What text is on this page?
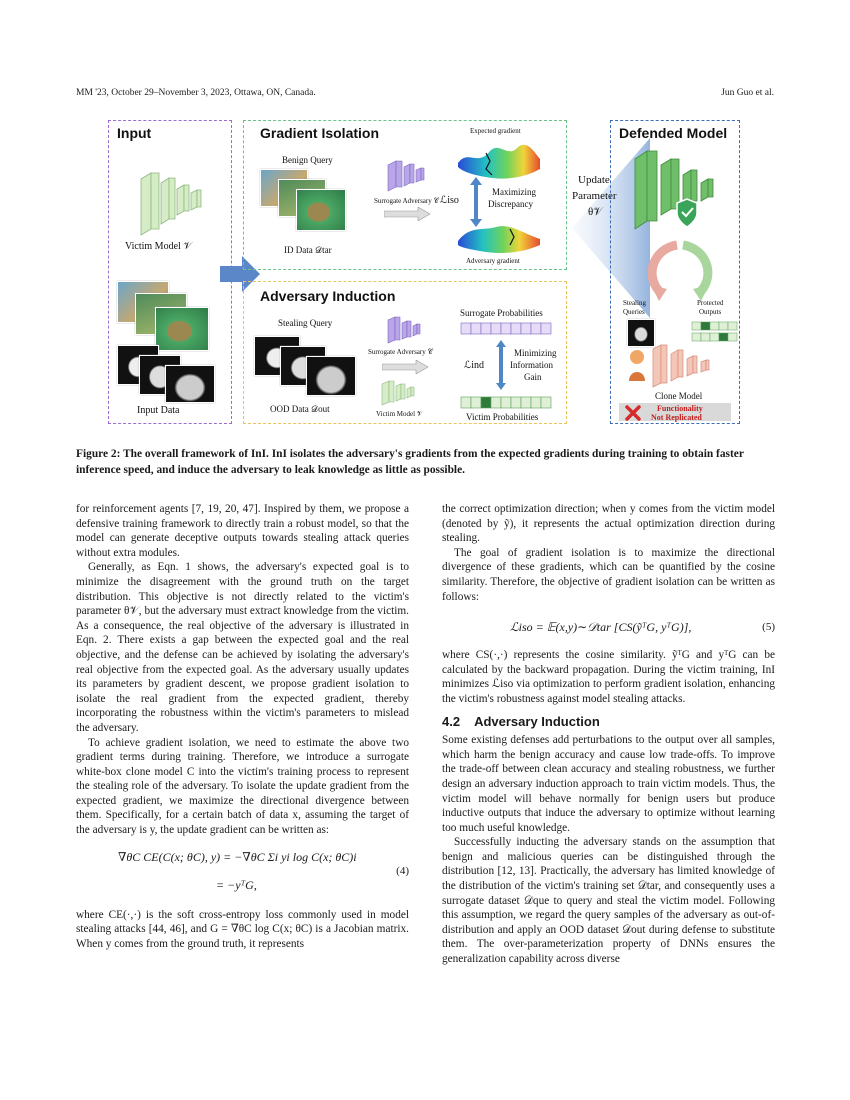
MM '23, October 29–November 3, 2023, Ottawa, ON, Canada.	Jun Guo et al.
Input
Victim Model 𝒱
Input Data
Gradient Isolation
Benign Query
ID Data 𝒟tar
Surrogate Adversary 𝒞
Expected gradient
ℒiso
Maximizing
Discrepancy
Adversary gradient
Adversary Induction
Stealing Query
OOD Data 𝒟out
Surrogate Adversary 𝒞
Victim Model 𝒱
Surrogate Probabilities
ℒind
Minimizing
Information
Gain
Victim Probabilities
Update
Parameter
θ𝒱
Defended Model
Stealing
Queries
Protected
Outputs
Clone Model
Functionality
Not Replicated
Figure 2: The overall framework of InI. InI isolates the adversary's gradients from the expected gradients during training to obtain faster inference speed, and induce the adversary to leak knowledge as little as possible.

for reinforcement agents [7, 19, 20, 47]. Inspired by them, we propose a defensive training framework to directly train a robust model, so that the model can generate deceptive outputs towards stealing attack queries without extra modules.

Generally, as Eqn. 1 shows, the adversary's expected goal is to minimize the disagreement with the ground truth on the target distribution. This objective is not directly related to the victim's parameter θ𝒱, but the adversary must extract knowledge from the victim. As a consequence, the real objective of the adversary is illustrated in Eqn. 2. There exists a gap between the expected goal and the real objective, and the defense can be achieved by isolating the adversary's real objective from the expected goal. As the adversary usually updates its parameters by gradient descent, we propose gradient isolation to isolate the real gradient from the expected gradient, thereby incorporating the robustness within the victim's parameters to mislead the adversary.

To achieve gradient isolation, we need to estimate the above two gradient terms during training. Therefore, we introduce a surrogate white-box clone model C into the victim's training process to represent the stealing role of the adversary. To isolate the update gradient from the expected gradient, we maximize the directional divergence between them. Specifically, for a certain batch of data x, assuming the target of the adversary is y, the update gradient can be written as:

∇θC CE(C(x; θC), y) = −∇θC Σi yi log C(x; θC)i
= −yᵀG,
(4)

where CE(·,·) is the soft cross-entropy loss commonly used in model stealing attacks [44, 46], and G = ∇θC log C(x; θC) is a Jacobian matrix. When y comes from the ground truth, it represents

the correct optimization direction; when y comes from the victim model (denoted by ỹ), it represents the actual optimization direction during stealing.

The goal of gradient isolation is to maximize the directional divergence of these gradients, which can be quantified by the cosine similarity. Therefore, the objective of gradient isolation can be written as follows:

ℒiso = 𝔼(x,y)∼𝒟tar [CS(ỹᵀG, yᵀG)],	(5)

where CS(·,·) represents the cosine similarity. ỹᵀG and yᵀG can be calculated by the backward propagation. During the victim training, InI minimizes ℒiso via optimization to perform gradient isolation, enhancing the victim's robustness against model stealing attacks.

4.2 Adversary Induction

Some existing defenses add perturbations to the output over all samples, which harm the benign accuracy and cause low trade-offs. To improve the trade-off between clean accuracy and stealing robustness, we further design an adversary induction approach to train victim models. Thus, the victim model will behave normally for benign users but produce inductive outputs that induce the adversary to optimize without learning too much useful knowledge.

Successfully inducting the adversary stands on the assumption that benign and malicious queries can be distinguished through the distribution [12, 13]. Practically, the adversary has limited knowledge of the distribution of the victim's training set 𝒟tar, and consequently uses a surrogate dataset 𝒟que to query and steal the victim model. Following this assumption, we regard the query samples of the adversary as out-of-distribution and apply an OOD dataset 𝒟out during defense to substitute them. The over-parameterization property of DNNs ensures the generalization capability across diverse
